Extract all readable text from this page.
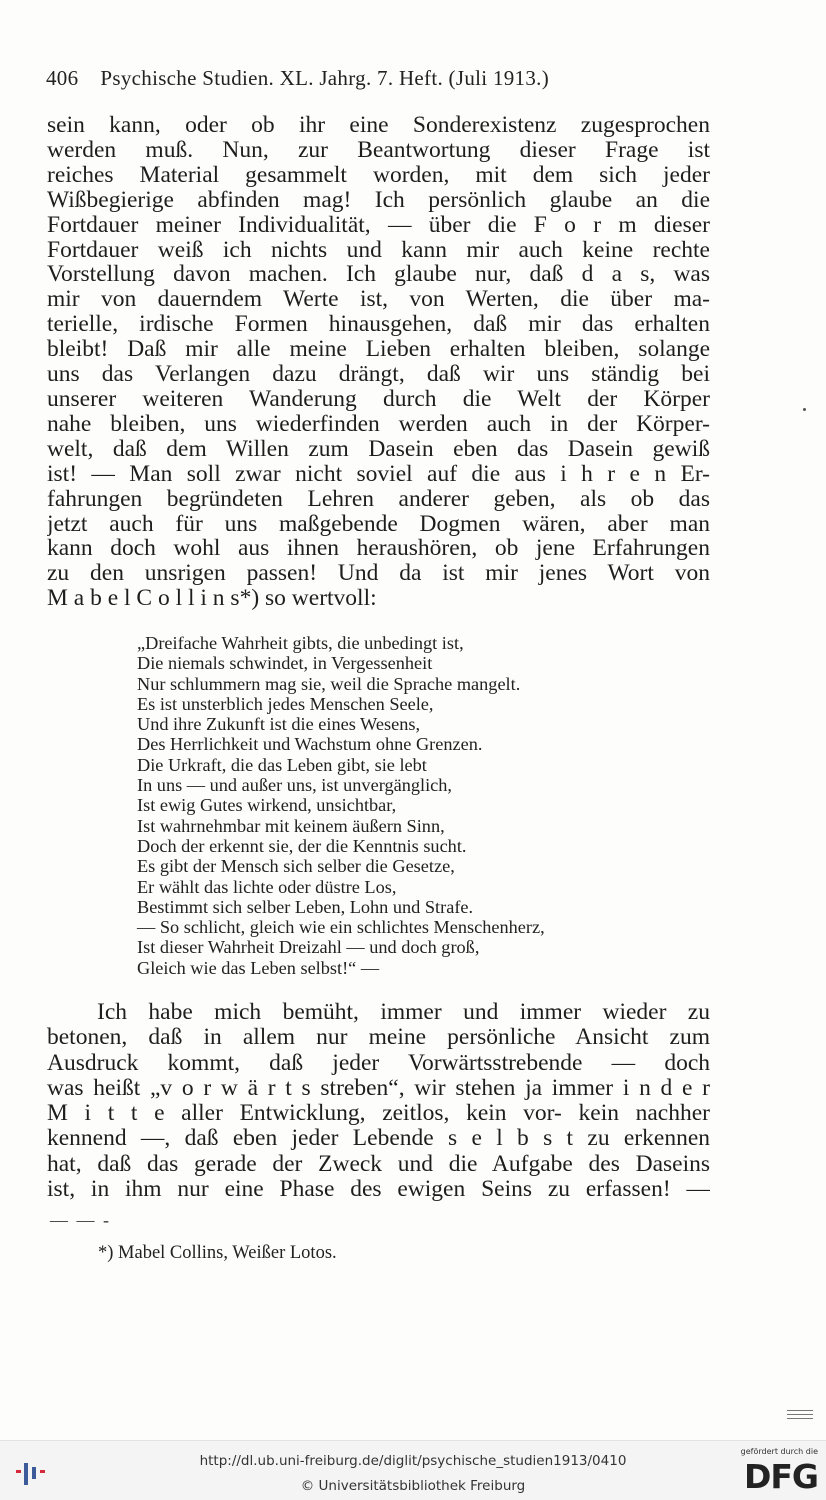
406 Psychische Studien. XL. Jahrg. 7. Heft. (Juli 1913.)
sein kann, oder ob ihr eine Sonderexistenz zugesprochen
werden muß. Nun, zur Beantwortung dieser Frage ist
reiches Material gesammelt worden, mit dem sich jeder
Wißbegierige abfinden mag! Ich persönlich glaube an die
Fortdauer meiner Individualität, — über die F o r m dieser
Fortdauer weiß ich nichts und kann mir auch keine rechte
Vorstellung davon machen. Ich glaube nur, daß d a s, was
mir von dauerndem Werte ist, von Werten, die über ma-
terielle, irdische Formen hinausgehen, daß mir das erhalten
bleibt! Daß mir alle meine Lieben erhalten bleiben, solange
uns das Verlangen dazu drängt, daß wir uns ständig bei
unserer weiteren Wanderung durch die Welt der Körper
nahe bleiben, uns wiederfinden werden auch in der Körper-
welt, daß dem Willen zum Dasein eben das Dasein gewiß
ist! — Man soll zwar nicht soviel auf die aus i h r e n Er-
fahrungen begründeten Lehren anderer geben, als ob das
jetzt auch für uns maßgebende Dogmen wären, aber man
kann doch wohl aus ihnen heraushören, ob jene Erfahrungen
zu den unsrigen passen! Und da ist mir jenes Wort von
M a b e l C o l l i n s*) so wertvoll:
„Dreifache Wahrheit gibts, die unbedingt ist,
Die niemals schwindet, in Vergessenheit
Nur schlummern mag sie, weil die Sprache mangelt.
Es ist unsterblich jedes Menschen Seele,
Und ihre Zukunft ist die eines Wesens,
Des Herrlichkeit und Wachstum ohne Grenzen.
Die Urkraft, die das Leben gibt, sie lebt
In uns — und außer uns, ist unvergänglich,
Ist ewig Gutes wirkend, unsichtbar,
Ist wahrnehmbar mit keinem äußern Sinn,
Doch der erkennt sie, der die Kenntnis sucht.
Es gibt der Mensch sich selber die Gesetze,
Er wählt das lichte oder düstre Los,
Bestimmt sich selber Leben, Lohn und Strafe.
— So schlicht, gleich wie ein schlichtes Menschenherz,
Ist dieser Wahrheit Dreizahl — und doch groß,
Gleich wie das Leben selbst!“ —
Ich habe mich bemüht, immer und immer wieder zu
betonen, daß in allem nur meine persönliche Ansicht zum
Ausdruck kommt, daß jeder Vorwärtsstrebende — doch
was heißt „v o r w ä r t s streben“, wir stehen ja immer i n d e r
M i t t e aller Entwicklung, zeitlos, kein vor- kein nachher
kennend —, daß eben jeder Lebende s e l b s t zu erkennen
hat, daß das gerade der Zweck und die Aufgabe des Daseins
ist, in ihm nur eine Phase des ewigen Seins zu erfassen! —
— — -
*) Mabel Collins, Weißer Lotos.
http://dl.ub.uni-freiburg.de/diglit/psychische_studien1913/0410
© Universitätsbibliothek Freiburg
gefördert durch die
DFG
